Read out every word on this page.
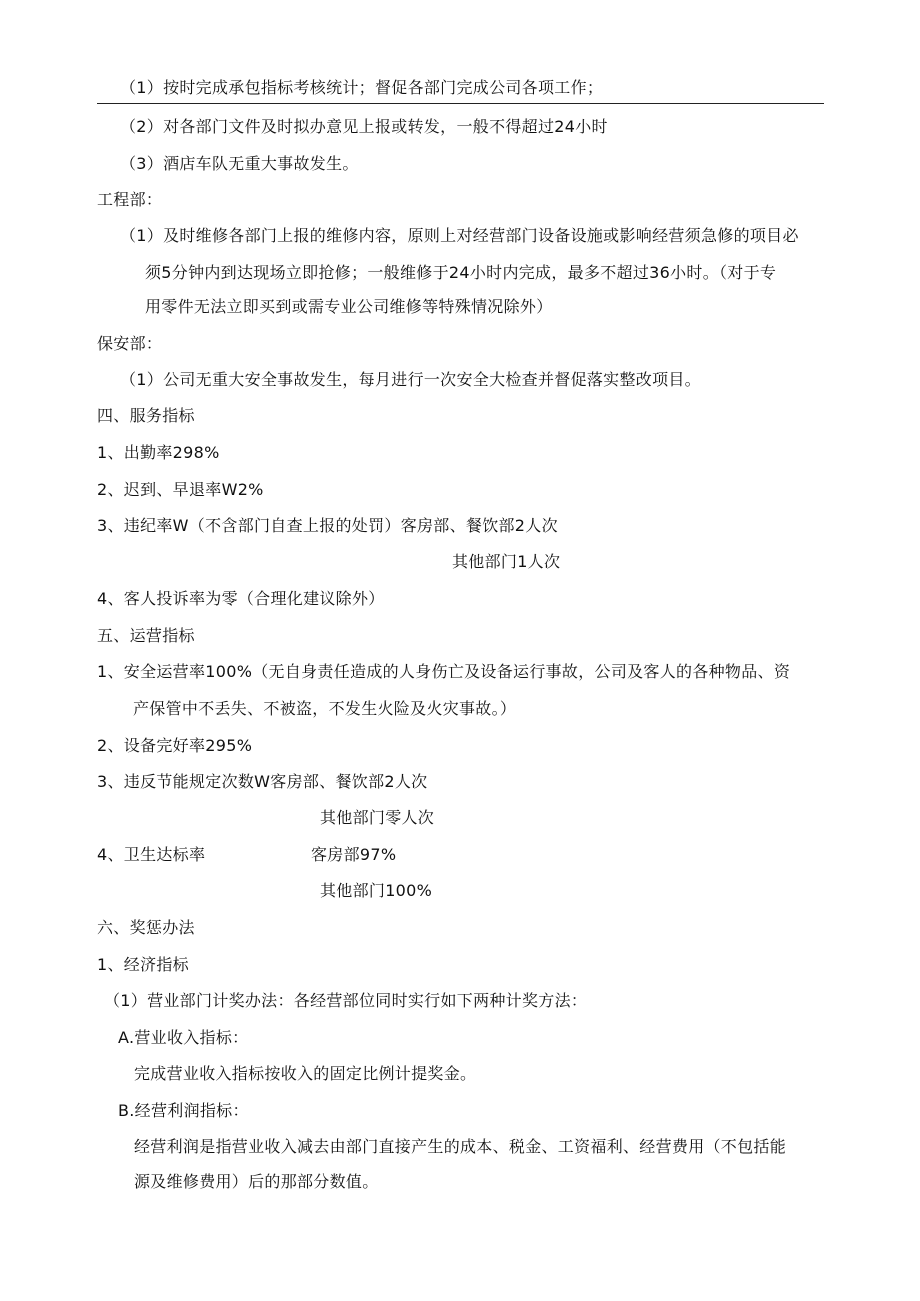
（1）按时完成承包指标考核统计；督促各部门完成公司各项工作；
（2）对各部门文件及时拟办意见上报或转发，一般不得超过24小时
（3）酒店车队无重大事故发生。
工程部：
（1）及时维修各部门上报的维修内容，原则上对经营部门设备设施或影响经营须急修的项目必
须5分钟内到达现场立即抢修；一般维修于24小时内完成，最多不超过36小时。（对于专
用零件无法立即买到或需专业公司维修等特殊情况除外）
保安部：
（1）公司无重大安全事故发生，每月进行一次安全大检查并督促落实整改项目。
四、服务指标
1、出勤率298%
2、迟到、早退率W2%
3、违纪率W（不含部门自查上报的处罚）客房部、餐饮部2人次
其他部门1人次
4、客人投诉率为零（合理化建议除外）
五、运营指标
1、安全运营率100%（无自身责任造成的人身伤亡及设备运行事故，公司及客人的各种物品、资
产保管中不丢失、不被盗，不发生火险及火灾事故。）
2、设备完好率295%
3、违反节能规定次数W客房部、餐饮部2人次
其他部门零人次
4、卫生达标率	客房部97%
其他部门100%
六、奖惩办法
1、经济指标
（1）营业部门计奖办法：各经营部位同时实行如下两种计奖方法：
A.营业收入指标：
完成营业收入指标按收入的固定比例计提奖金。
B.经营利润指标：
经营利润是指营业收入减去由部门直接产生的成本、税金、工资福利、经营费用（不包括能
源及维修费用）后的那部分数值。
